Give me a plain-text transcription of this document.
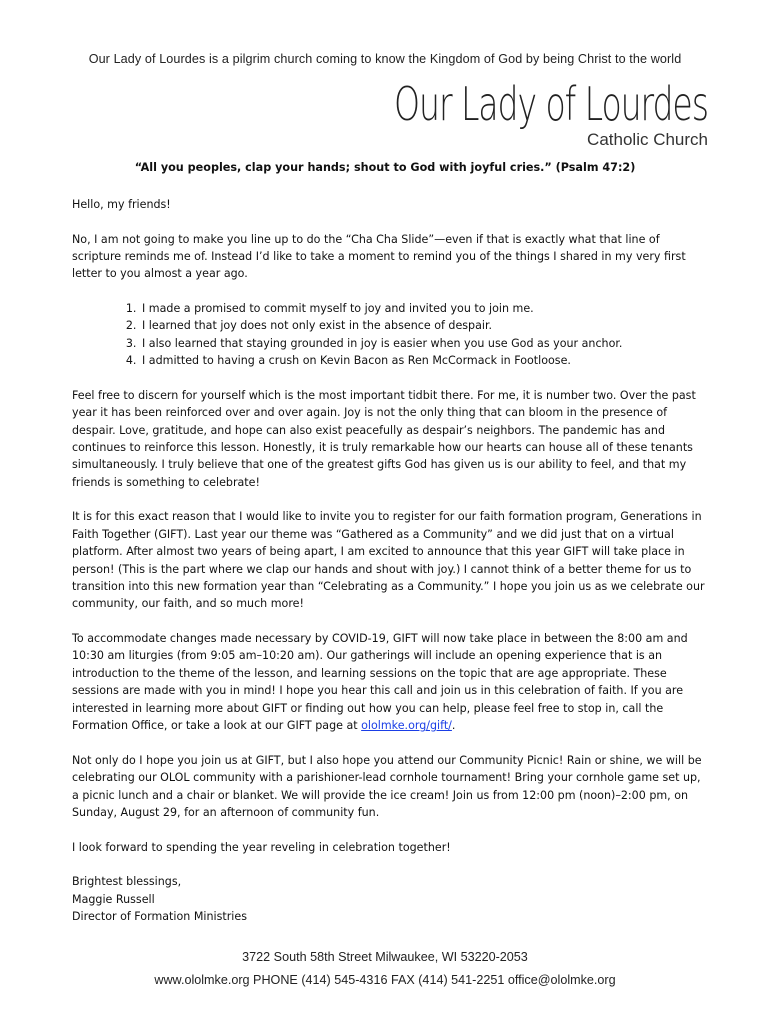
Our Lady of Lourdes is a pilgrim church coming to know the Kingdom of God by being Christ to the world
Our Lady of Lourdes
Catholic Church
“All you peoples, clap your hands; shout to God with joyful cries.” (Psalm 47:2)

Hello, my friends!

No, I am not going to make you line up to do the “Cha Cha Slide”—even if that is exactly what that line of scripture reminds me of. Instead I’d like to take a moment to remind you of the things I shared in my very first letter to you almost a year ago.

1. I made a promised to commit myself to joy and invited you to join me.
2. I learned that joy does not only exist in the absence of despair.
3. I also learned that staying grounded in joy is easier when you use God as your anchor.
4. I admitted to having a crush on Kevin Bacon as Ren McCormack in Footloose.

Feel free to discern for yourself which is the most important tidbit there. For me, it is number two. Over the past year it has been reinforced over and over again. Joy is not the only thing that can bloom in the presence of despair. Love, gratitude, and hope can also exist peacefully as despair’s neighbors. The pandemic has and continues to reinforce this lesson. Honestly, it is truly remarkable how our hearts can house all of these tenants simultaneously. I truly believe that one of the greatest gifts God has given us is our ability to feel, and that my friends is something to celebrate!

It is for this exact reason that I would like to invite you to register for our faith formation program, Generations in Faith Together (GIFT). Last year our theme was “Gathered as a Community” and we did just that on a virtual platform. After almost two years of being apart, I am excited to announce that this year GIFT will take place in person! (This is the part where we clap our hands and shout with joy.) I cannot think of a better theme for us to transition into this new formation year than “Celebrating as a Community.” I hope you join us as we celebrate our community, our faith, and so much more!

To accommodate changes made necessary by COVID-19, GIFT will now take place in between the 8:00 am and 10:30 am liturgies (from 9:05 am–10:20 am). Our gatherings will include an opening experience that is an introduction to the theme of the lesson, and learning sessions on the topic that are age appropriate. These sessions are made with you in mind! I hope you hear this call and join us in this celebration of faith. If you are interested in learning more about GIFT or finding out how you can help, please feel free to stop in, call the Formation Office, or take a look at our GIFT page at ololmke.org/gift/.

Not only do I hope you join us at GIFT, but I also hope you attend our Community Picnic! Rain or shine, we will be celebrating our OLOL community with a parishioner-lead cornhole tournament! Bring your cornhole game set up, a picnic lunch and a chair or blanket. We will provide the ice cream! Join us from 12:00 pm (noon)–2:00 pm, on Sunday, August 29, for an afternoon of community fun.

I look forward to spending the year reveling in celebration together!

Brightest blessings,

Maggie Russell

Director of Formation Ministries

3722 South 58th Street Milwaukee, WI 53220-2053
www.ololmke.org PHONE (414) 545-4316 FAX (414) 541-2251 office@ololmke.org
